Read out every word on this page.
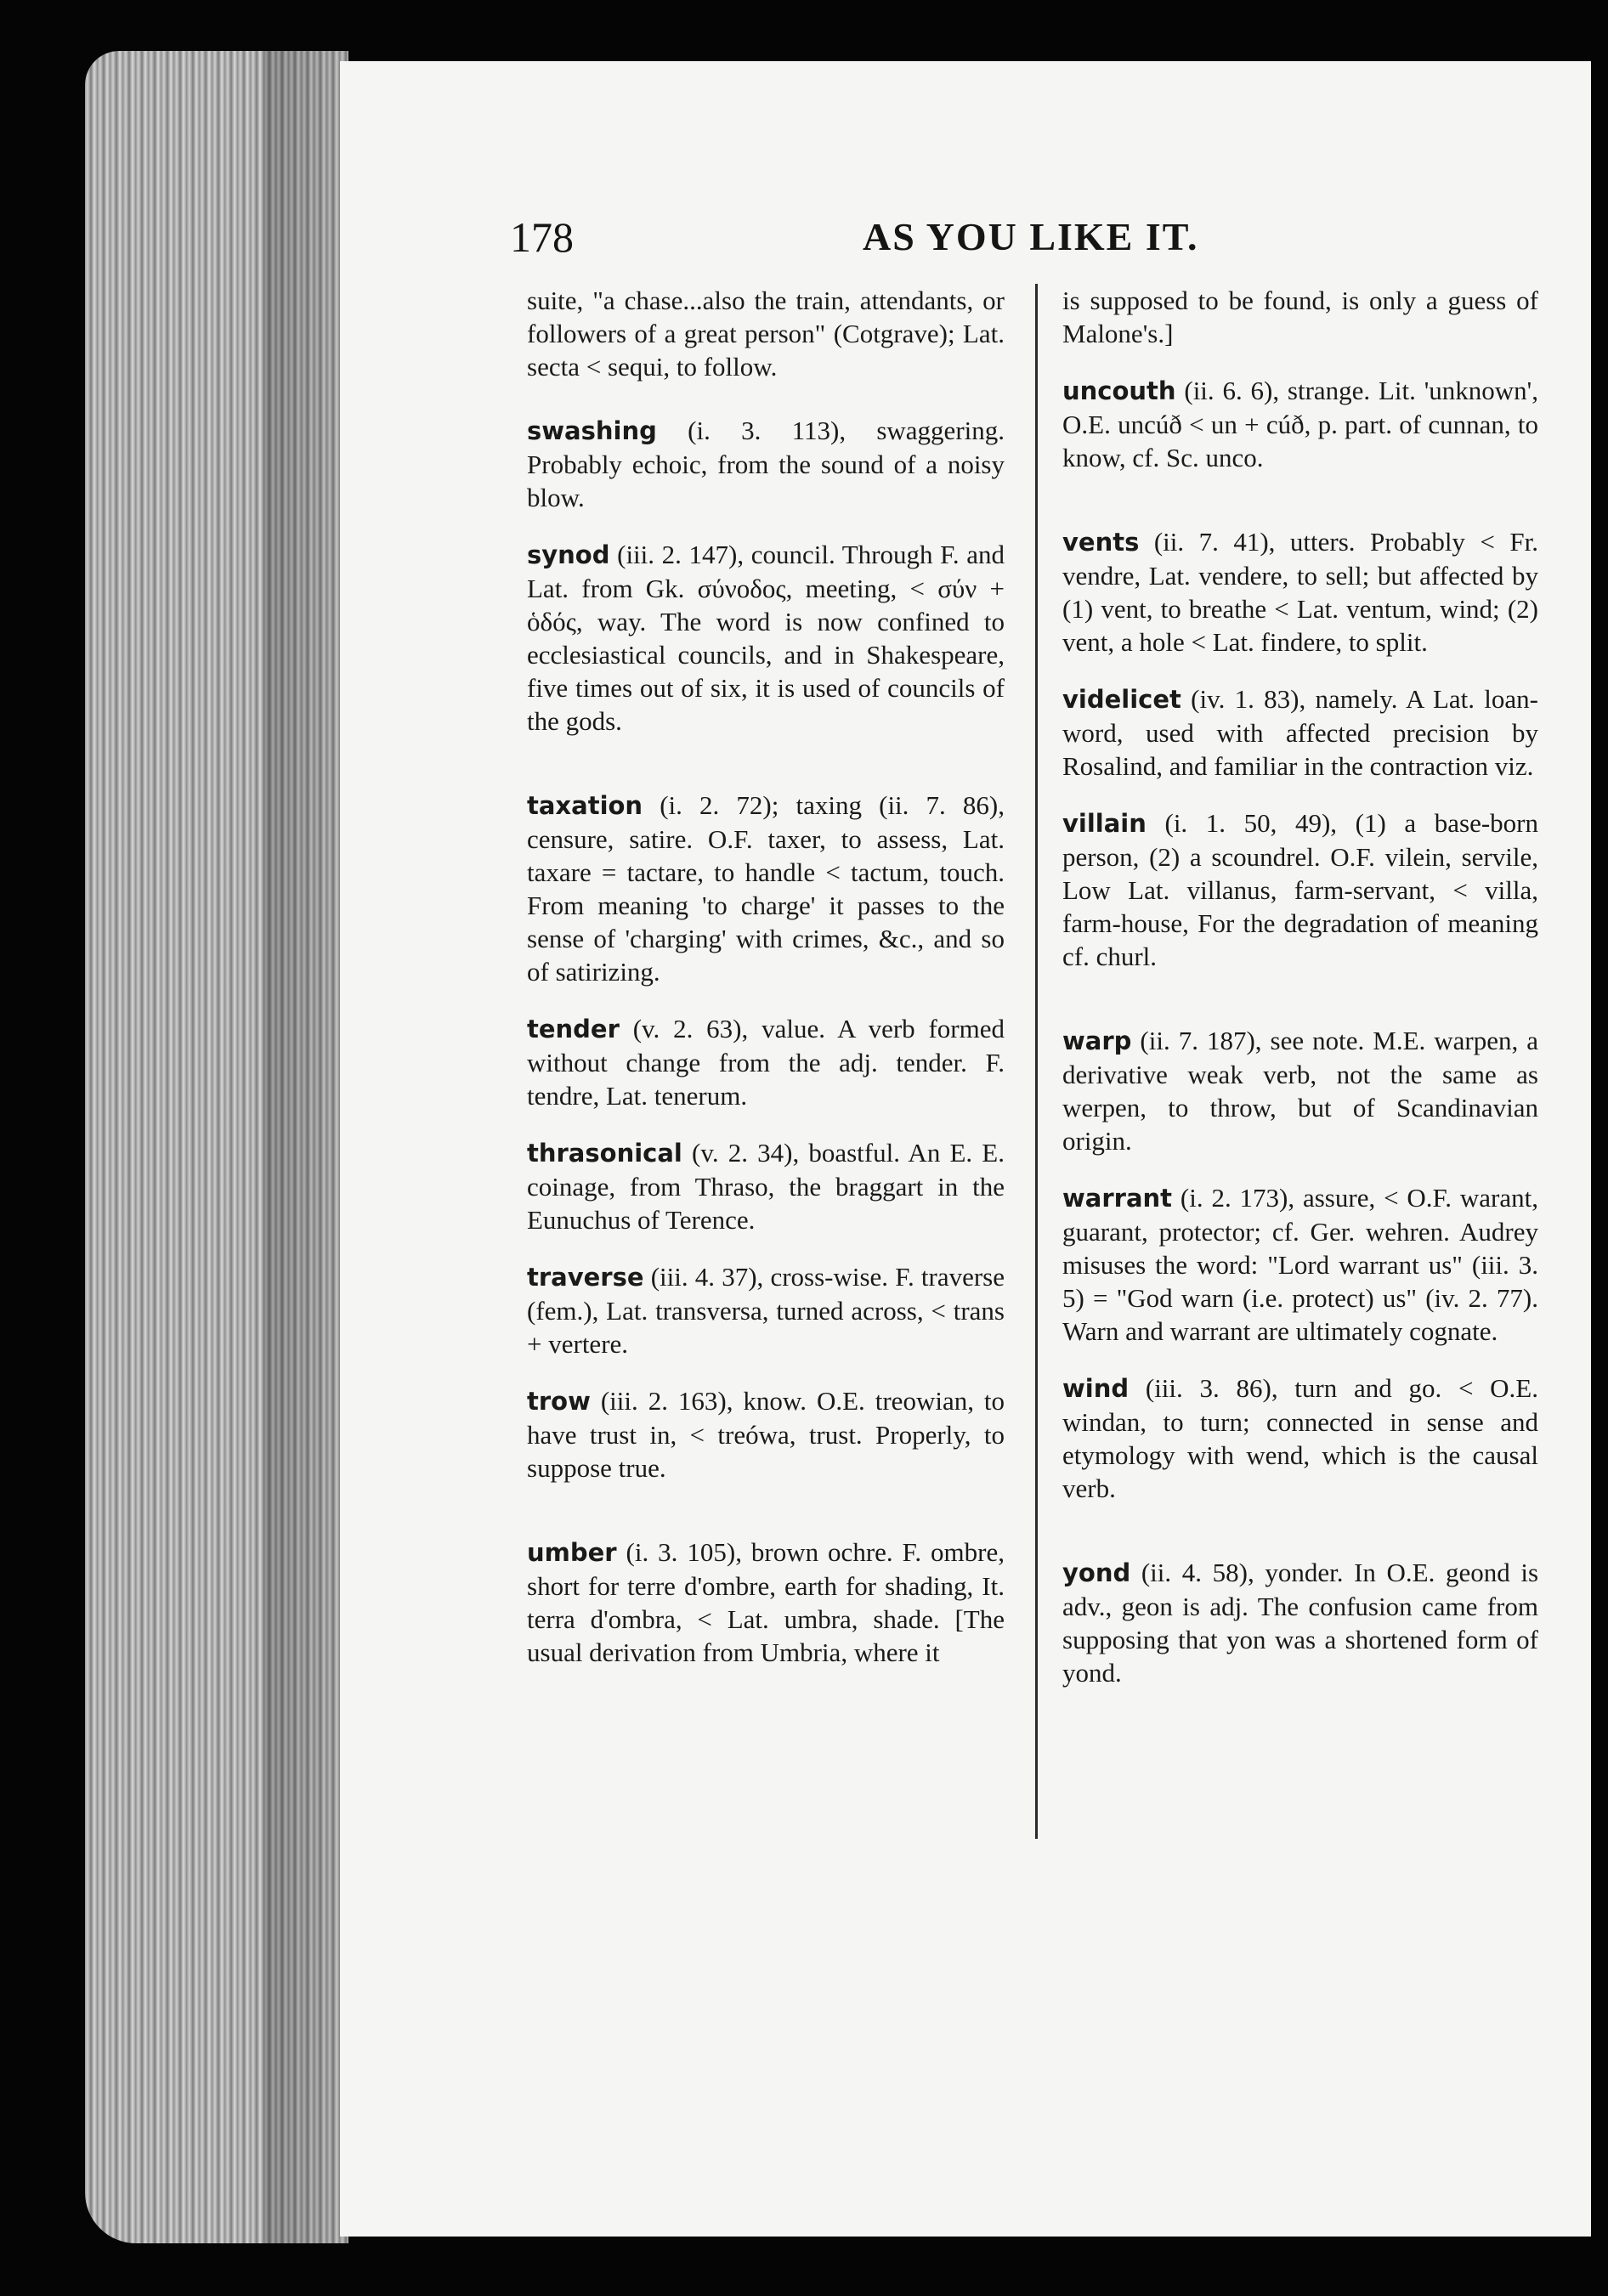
178	AS YOU LIKE IT.

suite, "a chase...also the train, attendants, or followers of a great person" (Cotgrave); Lat. secta < sequi, to follow.

swashing (i. 3. 113), swaggering. Probably echoic, from the sound of a noisy blow.

synod (iii. 2. 147), council. Through F. and Lat. from Gk. σύνοδος, meeting, < σύν + ὁδός, way. The word is now confined to ecclesiastical councils, and in Shakespeare, five times out of six, it is used of councils of the gods.

taxation (i. 2. 72); taxing (ii. 7. 86), censure, satire. O.F. taxer, to assess, Lat. taxare = tactare, to handle < tactum, touch. From meaning 'to charge' it passes to the sense of 'charging' with crimes, &c., and so of satirizing.

tender (v. 2. 63), value. A verb formed without change from the adj. tender. F. tendre, Lat. tenerum.

thrasonical (v. 2. 34), boastful. An E. E. coinage, from Thraso, the braggart in the Eunuchus of Terence.

traverse (iii. 4. 37), cross-wise. F. traverse (fem.), Lat. transversa, turned across, < trans + vertere.

trow (iii. 2. 163), know. O.E. treowian, to have trust in, < treówa, trust. Properly, to suppose true.

umber (i. 3. 105), brown ochre. F. ombre, short for terre d'ombre, earth for shading, It. terra d'ombra, < Lat. umbra, shade. [The usual derivation from Umbria, where it

is supposed to be found, is only a guess of Malone's.]

uncouth (ii. 6. 6), strange. Lit. 'unknown', O.E. uncúð < un + cúð, p. part. of cunnan, to know, cf. Sc. unco.

vents (ii. 7. 41), utters. Probably < Fr. vendre, Lat. vendere, to sell; but affected by (1) vent, to breathe < Lat. ventum, wind; (2) vent, a hole < Lat. findere, to split.

videlicet (iv. 1. 83), namely. A Lat. loan-word, used with affected precision by Rosalind, and familiar in the contraction viz.

villain (i. 1. 50, 49), (1) a base-born person, (2) a scoundrel. O.F. vilein, servile, Low Lat. villanus, farm-servant, < villa, farm-house, For the degradation of meaning cf. churl.

warp (ii. 7. 187), see note. M.E. warpen, a derivative weak verb, not the same as werpen, to throw, but of Scandinavian origin.

warrant (i. 2. 173), assure, < O.F. warant, guarant, protector; cf. Ger. wehren. Audrey misuses the word: "Lord warrant us" (iii. 3. 5) = "God warn (i.e. protect) us" (iv. 2. 77). Warn and warrant are ultimately cognate.

wind (iii. 3. 86), turn and go. < O.E. windan, to turn; connected in sense and etymology with wend, which is the causal verb.

yond (ii. 4. 58), yonder. In O.E. geond is adv., geon is adj. The confusion came from supposing that yon was a shortened form of yond.
